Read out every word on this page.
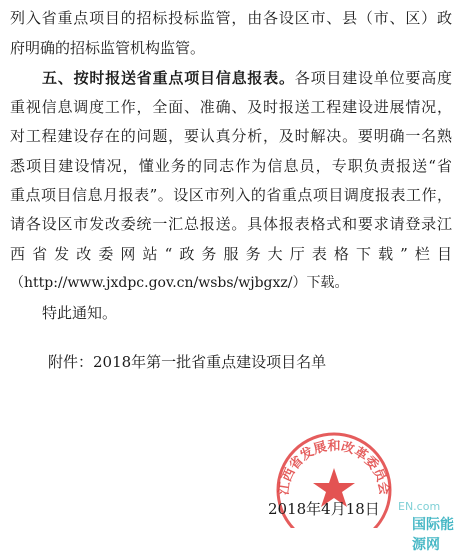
列入省重点项目的招标投标监管，由各设区市、县（市、区）政
府明确的招标监管机构监管。
五、按时报送省重点项目信息报表。各项目建设单位要高度
重视信息调度工作，全面、准确、及时报送工程建设进展情况，
对工程建设存在的问题，要认真分析，及时解决。要明确一名熟
悉项目建设情况，懂业务的同志作为信息员，专职负责报送“省
重点项目信息月报表”。设区市列入的省重点项目调度报表工作，
请各设区市发改委统一汇总报送。具体报表格式和要求请登录江
西省发改委网站“政务服务大厅表格下载”栏目
（http://www.jxdpc.gov.cn/wsbs/wjbgxz/）下载。
特此通知。
附件：2018年第一批省重点建设项目名单
江西省发展和改革委员会
2018年4月18日 EN.com
国际能源网
